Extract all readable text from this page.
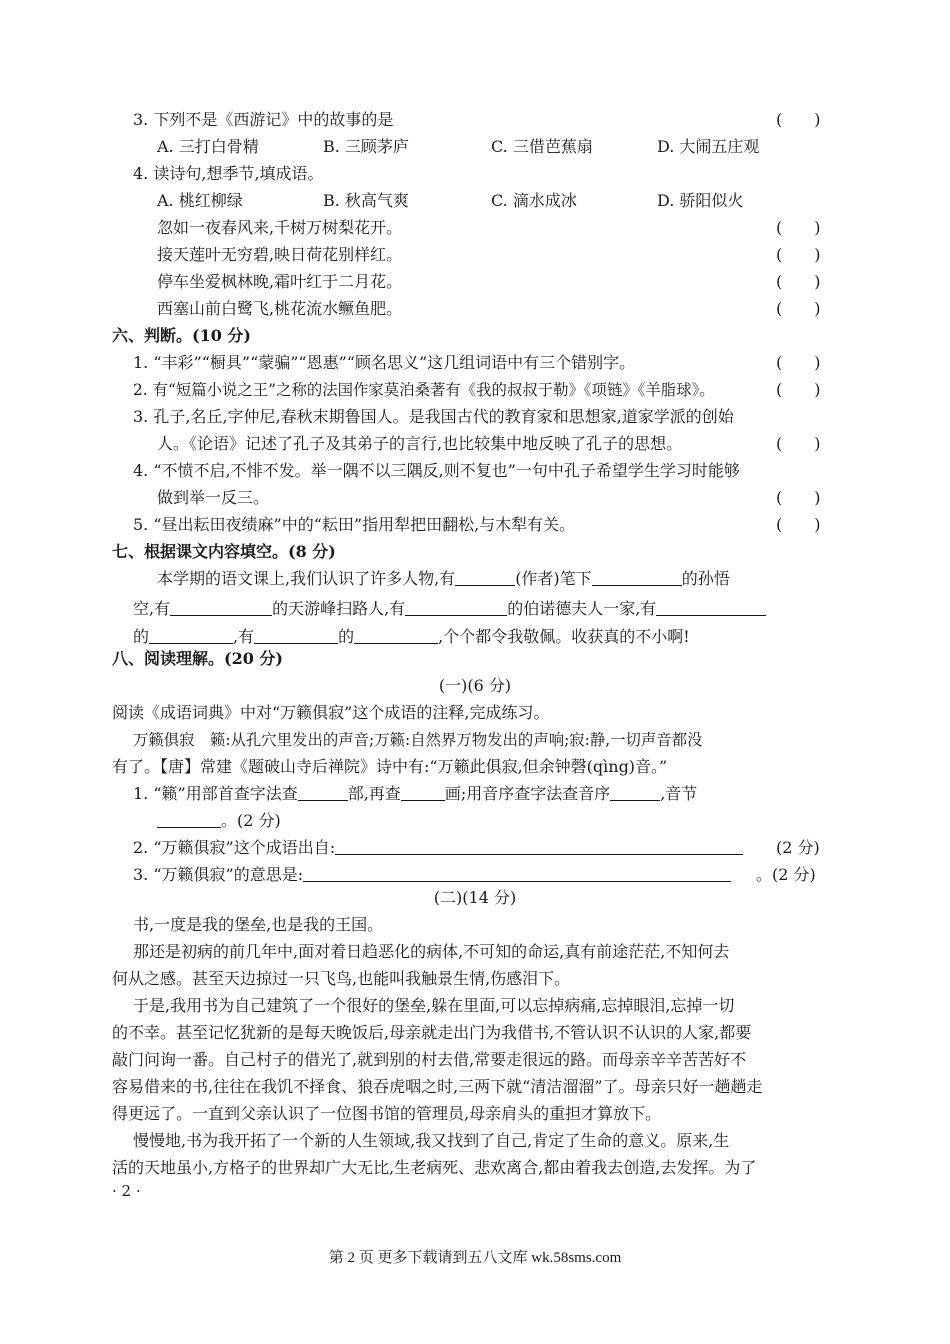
3. 下列不是《西游记》中的故事的是	(　　)
A. 三打白骨精	B. 三顾茅庐	C. 三借芭蕉扇	D. 大闹五庄观
4. 读诗句,想季节,填成语。
A. 桃红柳绿	B. 秋高气爽	C. 滴水成冰	D. 骄阳似火
忽如一夜春风来,千树万树梨花开。	(　　)
接天莲叶无穷碧,映日荷花别样红。	(　　)
停车坐爱枫林晚,霜叶红于二月花。	(　　)
西塞山前白鹭飞,桃花流水鳜鱼肥。	(　　)
六、判断。(10 分)
1. “丰彩”“橱具”“蒙骗”“恩惠”“顾名思义”这几组词语中有三个错别字。	(　　)
2. 有“短篇小说之王”之称的法国作家莫泊桑著有《我的叔叔于勒》《项链》《羊脂球》。	(　　)
3. 孔子,名丘,字仲尼,春秋末期鲁国人。是我国古代的教育家和思想家,道家学派的创始
人。《论语》记述了孔子及其弟子的言行,也比较集中地反映了孔子的思想。	(　　)
4. “不愤不启,不悱不发。举一隅不以三隅反,则不复也”一句中孔子希望学生学习时能够
做到举一反三。	(　　)
5. “昼出耘田夜绩麻”中的“耘田”指用犁把田翻松,与木犁有关。	(　　)
七、根据课文内容填空。(8 分)
本学期的语文课上,我们认识了许多人物,有	(作者)笔下	的孙悟
空,有	的天游峰扫路人,有	的伯诺德夫人一家,有
的	,有	的	,个个都令我敬佩。收获真的不小啊!
八、阅读理解。(20 分)
(一)(6 分)
阅读《成语词典》中对“万籁俱寂”这个成语的注释,完成练习。
万籁俱寂　籁:从孔穴里发出的声音;万籁:自然界万物发出的声响;寂:静,一切声音都没
有了。【唐】常建《题破山寺后禅院》诗中有:“万籁此俱寂,但余钟磬(qìng)音。”
1. “籁”用部首查字法查	部,再查	画;用音序查字法查音序	,音节
。(2 分)
2. “万籁俱寂”这个成语出自:	(2 分)
3. “万籁俱寂”的意思是:	。(2 分)
(二)(14 分)
书,一度是我的堡垒,也是我的王国。
那还是初病的前几年中,面对着日趋恶化的病体,不可知的命运,真有前途茫茫,不知何去
何从之感。甚至天边掠过一只飞鸟,也能叫我触景生情,伤感泪下。
于是,我用书为自己建筑了一个很好的堡垒,躲在里面,可以忘掉病痛,忘掉眼泪,忘掉一切
的不幸。甚至记忆犹新的是每天晚饭后,母亲就走出门为我借书,不管认识不认识的人家,都要
敲门问询一番。自己村子的借光了,就到别的村去借,常要走很远的路。而母亲辛辛苦苦好不
容易借来的书,往往在我饥不择食、狼吞虎咽之时,三两下就“清洁溜溜”了。母亲只好一趟趟走
得更远了。一直到父亲认识了一位图书馆的管理员,母亲肩头的重担才算放下。
慢慢地,书为我开拓了一个新的人生领域,我又找到了自己,肯定了生命的意义。原来,生
活的天地虽小,方格子的世界却广大无比,生老病死、悲欢离合,都由着我去创造,去发挥。为了
· 2 ·
第 2 页 更多下载请到五八文库 wk.58sms.com
